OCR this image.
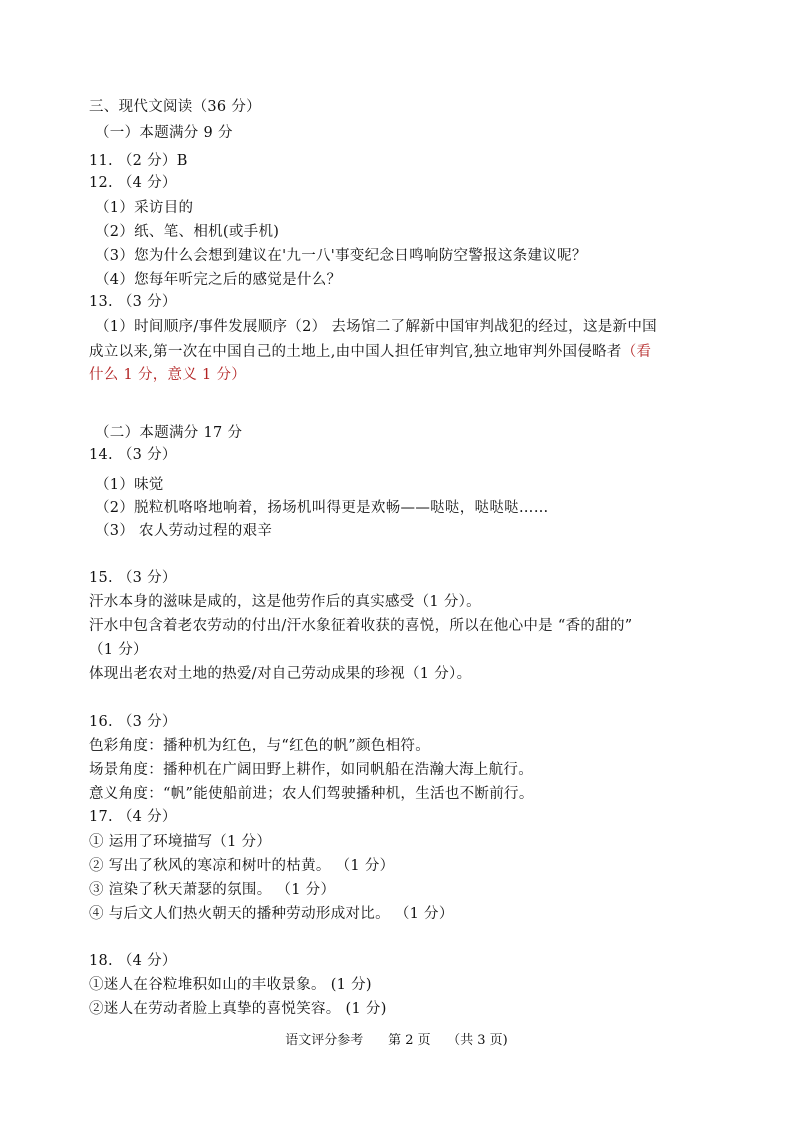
三、现代文阅读（36 分）
（一）本题满分 9 分
11. （2 分）B
12. （4 分）
（1）采访目的
（2）纸、笔、相机(或手机)
（3）您为什么会想到建议在'九一八'事变纪念日鸣响防空警报这条建议呢？
（4）您每年听完之后的感觉是什么？
13. （3 分）
（1）时间顺序/事件发展顺序（2） 去场馆二了解新中国审判战犯的经过，这是新中国
成立以来,第一次在中国自己的土地上,由中国人担任审判官,独立地审判外国侵略者（看
什么 1 分，意义 1 分）
（二）本题满分 17 分
14. （3 分）
（1）味觉
（2）脱粒机咯咯地响着，扬场机叫得更是欢畅——哒哒，哒哒哒……
（3） 农人劳动过程的艰辛
15. （3 分）
汗水本身的滋味是咸的，这是他劳作后的真实感受（1 分）。
汗水中包含着老农劳动的付出/汗水象征着收获的喜悦，所以在他心中是 “香的甜的”
（1 分）
体现出老农对土地的热爱/对自己劳动成果的珍视（1 分）。
16. （3 分）
色彩角度：播种机为红色，与“红色的帆”颜色相符。
场景角度：播种机在广阔田野上耕作，如同帆船在浩瀚大海上航行。
意义角度：“帆”能使船前进；农人们驾驶播种机，生活也不断前行。
17. （4 分）
① 运用了环境描写（1 分）
② 写出了秋风的寒凉和树叶的枯黄。 （1 分）
③ 渲染了秋天萧瑟的氛围。 （1 分）
④ 与后文人们热火朝天的播种劳动形成对比。 （1 分）
18. （4 分）
①迷人在谷粒堆积如山的丰收景象。 (1 分)
②迷人在劳动者脸上真挚的喜悦笑容。 (1 分)
语文评分参考 第 2 页 （共 3 页)
